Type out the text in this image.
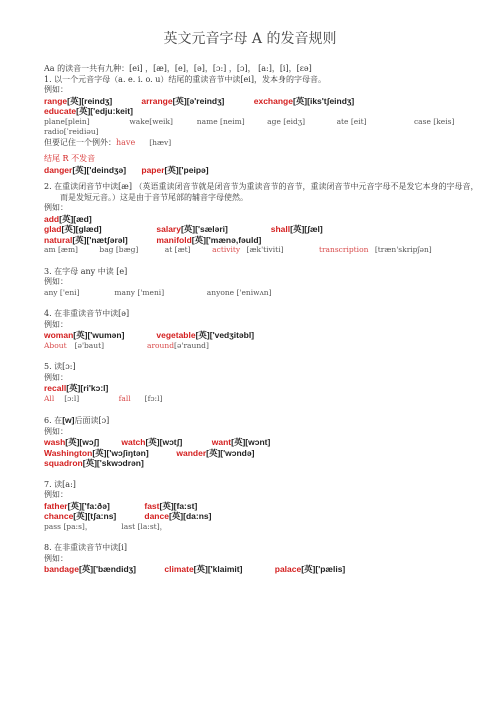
英文元音字母 A 的发音规则
Aa 的读音一共有九种：[ei] ，[æ]，[e]，[ə]，[ɔ:] ，[ɔ]， [a:]，[i]，[εə]
1. 以一个元音字母（a. e. i. o. u）结尾的重读音节中读[ei]，发本身的字母音。
例如：
range[英][reindʒ]	arrange[英][ə'reindʒ]	exchange[英][iks'tʃeindʒ]
educate[英]['edju:keit]
plane[plein]	wake[weik]	name [neim]	age [eidʒ]	ate [eit]	case [keis]
radio[ˈreidiəu]
但要记住一个例外：have [hæv]
结尾 R 不发音
danger[英]['deindʒə] paper[英]['peipə]
2. 在重读闭音节中读[æ] （英语重读闭音节就是闭音节为重读音节的音节，重读闭音节中元音字母不是发它本身的字母音，而是发短元音。）这是由于音节尾部的辅音字母使然。
例如：
add[英][æd]
glad[英][glæd]	salary[英]['sæləri]	shall[英][ʃæl]
natural[英]['nætʃərəl]	manifold[英]['mænə,fəuld]
am [æm]	bag [bæɡ]	at [æt]	activity [æk'tiviti]	transcription [træn'skripʃən]
3. 在字母 any 中读 [e]
例如：
any ['eni]	many ['meni]	anyone ['eniwʌn]
4. 在非重读音节中读[ə]
例如：
woman[英]['wumən]	vegetable[英]['vedʒitəbl]
About [ə'baut]	around[ə'raund]
5. 读[ɔ:]
例如：
recall[英][ri'kɔ:l]
All [ɔ:l]	fall [fɔ:l]
6. 在[w]后面读[ɔ]
例如：
wash[英][wɔʃ]	watch[英][wɔtʃ]	want[英][wɔnt]
Washington[英]['wɔʃiŋtən]	wander[英]['wɔndə]
squadron[英]['skwɔdrən]
7. 读[a:]
例如：
father[英]['fa:ðə]	fast[英][fa:st]
chance[英][tʃa:ns]	dance[英][da:ns]
pass [pa:s]，	last [la:st]，
8. 在非重读音节中读[i]
例如：
bandage[英]['bændidʒ]	climate[英]['klaimit]	palace[英]['pælis]
